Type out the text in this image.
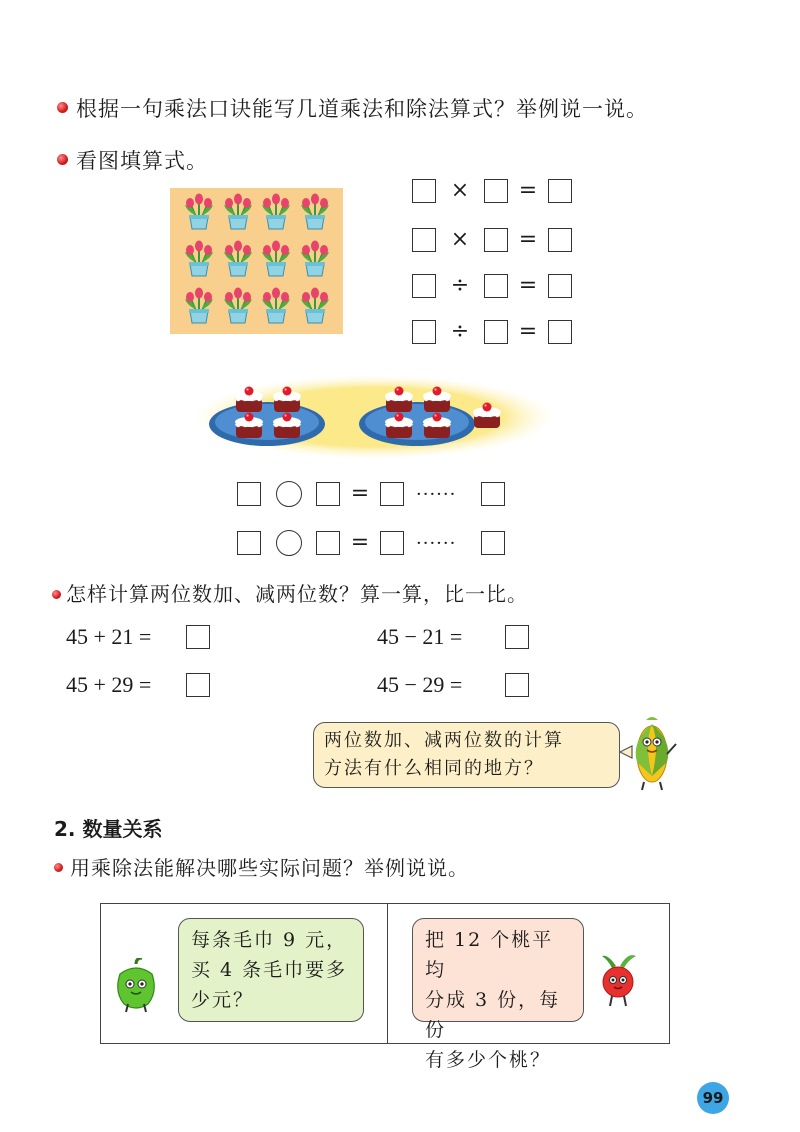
根据一句乘法口诀能写几道乘法和除法算式？举例说一说。
看图填算式。
× =
× =
÷ =
÷ =
=	······
=	······
怎样计算两位数加、减两位数？算一算，比一比。
45 + 21 =	45 − 21 =
45 + 29 =	45 − 29 =
两位数加、减两位数的计算
方法有什么相同的地方？
2. 数量关系
用乘除法能解决哪些实际问题？举例说说。
每条毛巾 9 元，
买 4 条毛巾要多
少元？
把 12 个桃平均
分成 3 份，每份
有多少个桃？
99
